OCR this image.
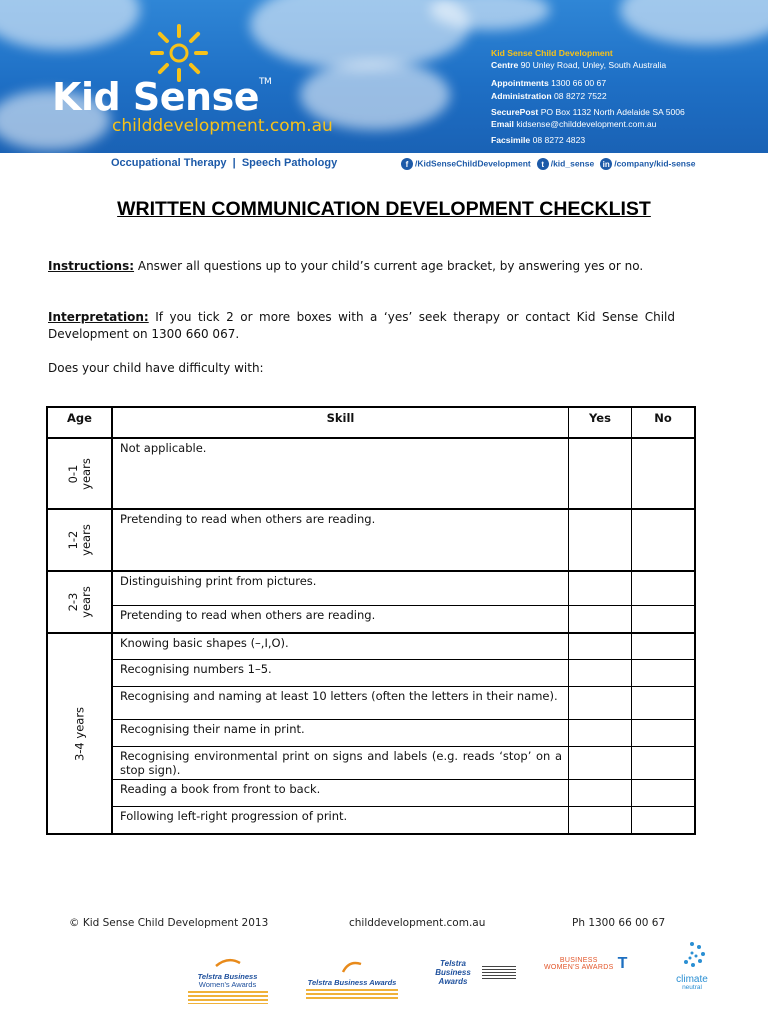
Kid Sense™
childdevelopment.com.au
Kid Sense Child Development
Centre 90 Unley Road, Unley, South Australia
Appointments 1300 66 00 67
Administration 08 8272 7522
SecurePost PO Box 1132 North Adelaide SA 5006
Email kidsense@childdevelopment.com.au
Facsimile 08 8272 4823
Occupational Therapy  |  Speech Pathology	f /KidSenseChildDevelopment	t /kid_sense	in /company/kid-sense
WRITTEN COMMUNICATION DEVELOPMENT CHECKLIST
Instructions: Answer all questions up to your child’s current age bracket, by answering yes or no.
Interpretation: If you tick 2 or more boxes with a ‘yes’ seek therapy or contact Kid Sense Child Development on 1300 660 067.
Does your child have difficulty with:
Age	Skill	Yes	No

0-1 years	Not applicable.		

1-2 years	Pretending to read when others are reading.		

2-3 years	Distinguishing print from pictures.		
	Pretending to read when others are reading.		

3-4 years	Knowing basic shapes (–,I,O).		
	Recognising numbers 1–5.		
	Recognising and naming at least 10 letters (often the letters in their name).		
	Recognising their name in print.		
	Recognising environmental print on signs and labels (e.g. reads ‘stop’ on a stop sign).		
	Reading a book from front to back.		
	Following left-right progression of print.		
© Kid Sense Child Development 2013	childdevelopment.com.au	Ph 1300 66 00 67
Telstra Business
Women's Awards	Telstra Business Awards
Telstra Business Awards
BUSINESS
WOMEN'S AWARDS T
climate
neutral
